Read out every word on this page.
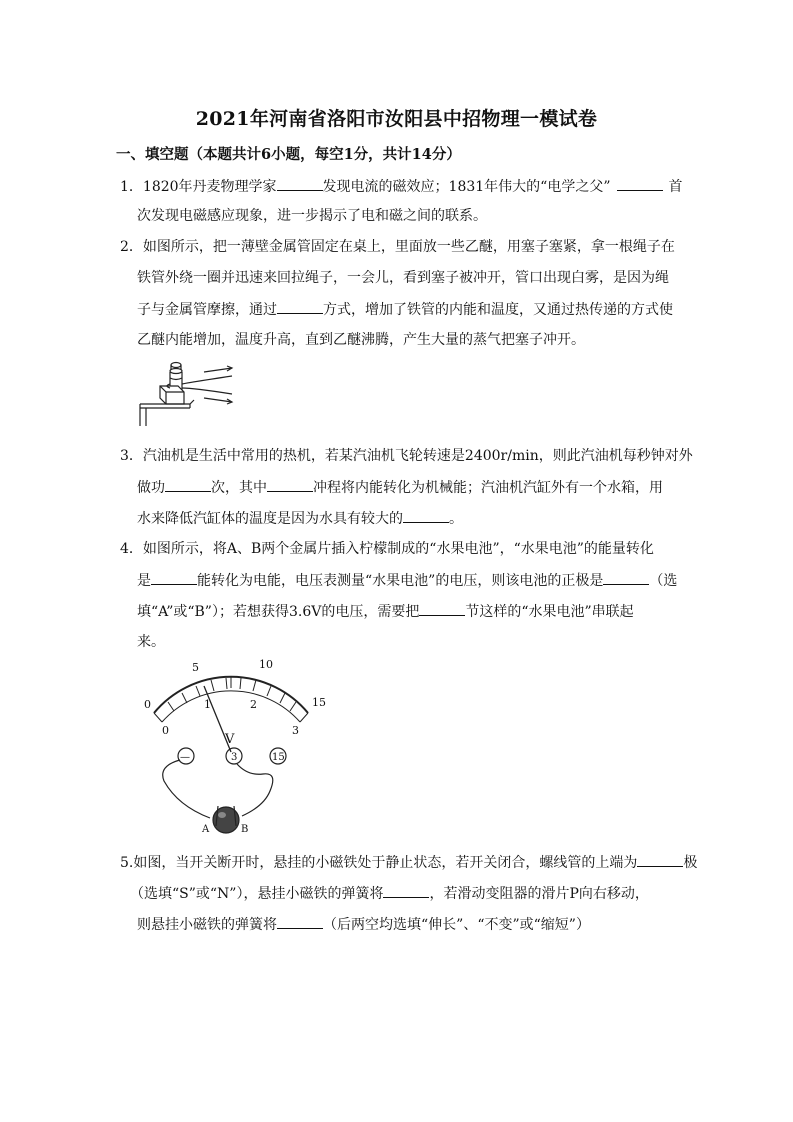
2021年河南省洛阳市汝阳县中招物理一模试卷
一、填空题（本题共计6小题，每空1分，共计14分）
1．1820年丹麦物理学家	发现电流的磁效应；1831年伟大的“电学之父”	首
次发现电磁感应现象，进一步揭示了电和磁之间的联系。
2．如图所示，把一薄壁金属管固定在桌上，里面放一些乙醚，用塞子塞紧，拿一根绳子在
铁管外绕一圈并迅速来回拉绳子，一会儿，看到塞子被冲开，管口出现白雾，是因为绳
子与金属管摩擦，通过	方式，增加了铁管的内能和温度，又通过热传递的方式使
乙醚内能增加，温度升高，直到乙醚沸腾，产生大量的蒸气把塞子冲开。
3．汽油机是生活中常用的热机，若某汽油机飞轮转速是2400r/min，则此汽油机每秒钟对外
做功	次，其中	冲程将内能转化为机械能；汽油机汽缸外有一个水箱，用
水来降低汽缸体的温度是因为水具有较大的	。
4．如图所示，将A、B两个金属片插入柠檬制成的“水果电池”，“水果电池”的能量转化
是	能转化为电能，电压表测量“水果电池”的电压，则该电池的正极是	（选
填“A”或“B”）；若想获得3.6V的电压，需要把	节这样的“水果电池”串联起
来。
0
5	10
15
0
1	2
3
V
—	3	15
A	B
5.如图，当开关断开时，悬挂的小磁铁处于静止状态，若开关闭合，螺线管的上端为	极
（选填“S”或“N”），悬挂小磁铁的弹簧将	，若滑动变阻器的滑片P向右移动，
则悬挂小磁铁的弹簧将	（后两空均选填“伸长”、“不变”或“缩短”）
